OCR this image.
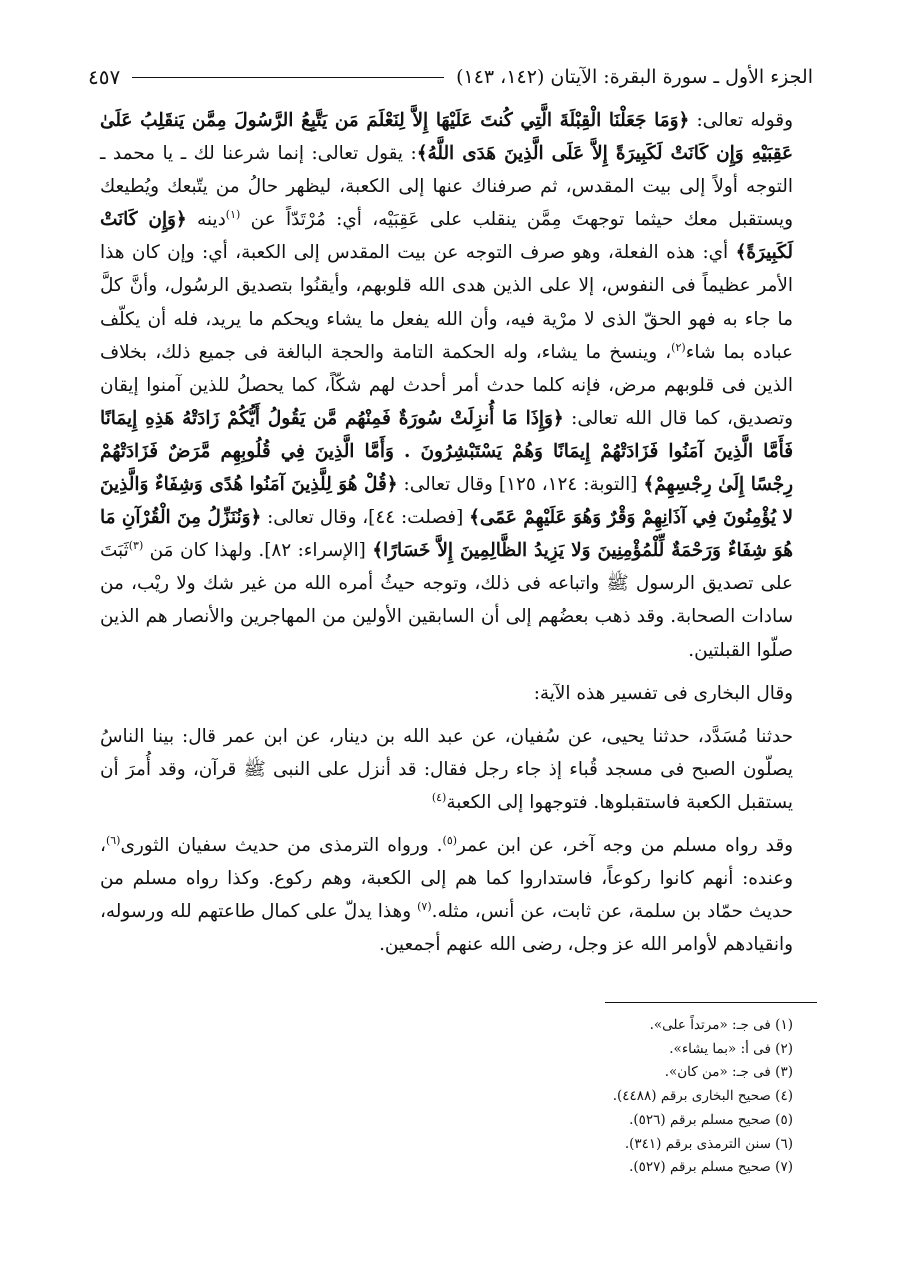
الجزء الأول ـ سورة البقرة: الآيتان (١٤٢، ١٤٣)
٤٥٧

وقوله تعالى: ﴿وَمَا جَعَلْنَا الْقِبْلَةَ الَّتِي كُنتَ عَلَيْهَا إِلاَّ لِنَعْلَمَ مَن يَتَّبِعُ الرَّسُولَ مِمَّن يَنقَلِبُ عَلَىٰ عَقِبَيْهِ وَإِن كَانَتْ لَكَبِيرَةً إِلاَّ عَلَى الَّذِينَ هَدَى اللَّهُ﴾: يقول تعالى: إنما شرعنا لك ـ يا محمد ـ التوجه أولاً إلى بيت المقدس، ثم صرفناك عنها إلى الكعبة، ليظهر حالُ من يتّبعك ويُطيعك ويستقبل معك حيثما توجهتَ مِمَّن ينقلب على عَقِبَيْه، أي: مُرْتَدّاً عن $^{(١)}$دينه ﴿وَإِن كَانَتْ لَكَبِيرَةً﴾ أي: هذه الفعلة، وهو صرف التوجه عن بيت المقدس إلى الكعبة، أي: وإن كان هذا الأمر عظيماً فى النفوس، إلا على الذين هدى الله قلوبهم، وأيقنُوا بتصديق الرسُول، وأنَّ كلَّ ما جاء به فهو الحقّ الذى لا مرْية فيه، وأن الله يفعل ما يشاء ويحكم ما يريد، فله أن يكلّف عباده بما شاء$^{(٢)}$، وينسخ ما يشاء، وله الحكمة التامة والحجة البالغة فى جميع ذلك، بخلاف الذين فى قلوبهم مرض، فإنه كلما حدث أمر أحدث لهم شكّاً، كما يحصلُ للذين آمنوا إيقان وتصديق، كما قال الله تعالى: ﴿وَإِذَا مَا أُنزِلَتْ سُورَةٌ فَمِنْهُم مَّن يَقُولُ أَيُّكُمْ زَادَتْهُ هَذِهِ إِيمَانًا فَأَمَّا الَّذِينَ آمَنُوا فَزَادَتْهُمْ إِيمَانًا وَهُمْ يَسْتَبْشِرُونَ . وَأَمَّا الَّذِينَ فِي قُلُوبِهِم مَّرَضٌ فَزَادَتْهُمْ رِجْسًا إِلَىٰ رِجْسِهِمْ﴾ [التوبة: ١٢٤، ١٢٥] وقال تعالى: ﴿قُلْ هُوَ لِلَّذِينَ آمَنُوا هُدًى وَشِفَاءٌ وَالَّذِينَ لا يُؤْمِنُونَ فِي آذَانِهِمْ وَقْرٌ وَهُوَ عَلَيْهِمْ عَمًى﴾ [فصلت: ٤٤]، وقال تعالى: ﴿وَنُنَزِّلُ مِنَ الْقُرْآنِ مَا هُوَ شِفَاءٌ وَرَحْمَةٌ لِّلْمُؤْمِنِينَ وَلا يَزِيدُ الظَّالِمِينَ إِلاَّ خَسَارًا﴾ [الإسراء: ٨٢]. ولهذا كان مَن $^{(٣)}$ثَبَتَ على تصديق الرسول ﷺ واتباعه فى ذلك، وتوجه حيثُ أمره الله من غير شك ولا ريْب، من سادات الصحابة. وقد ذهب بعضُهم إلى أن السابقين الأولين من المهاجرين والأنصار هم الذين صلّوا القبلتين.

وقال البخارى فى تفسير هذه الآية:

حدثنا مُسَدَّد، حدثنا يحيى، عن سُفيان، عن عبد الله بن دينار، عن ابن عمر قال: بينا الناسُ يصلّون الصبح فى مسجد قُباء إذ جاء رجل فقال: قد أنزل على النبى ﷺ قرآن، وقد أُمرَ أن يستقبل الكعبة فاستقبلوها. فتوجهوا إلى الكعبة$^{(٤)}$

وقد رواه مسلم من وجه آخر، عن ابن عمر$^{(٥)}$. ورواه الترمذى من حديث سفيان الثورى$^{(٦)}$، وعنده: أنهم كانوا ركوعاً، فاستداروا كما هم إلى الكعبة، وهم ركوع. وكذا رواه مسلم من حديث حمّاد بن سلمة، عن ثابت، عن أنس، مثله.$^{(٧)}$ وهذا يدلّ على كمال طاعتهم لله ورسوله، وانقيادهم لأوامر الله عز وجل، رضى الله عنهم أجمعين.

(١) فى جـ: «مرتداً على».
(٢) فى أ: «بما يشاء».
(٣) فى جـ: «من كان».
(٤) صحيح البخارى برقم (٤٤٨٨).
(٥) صحيح مسلم برقم (٥٢٦).
(٦) سنن الترمذى برقم (٣٤١).
(٧) صحيح مسلم برقم (٥٢٧).
